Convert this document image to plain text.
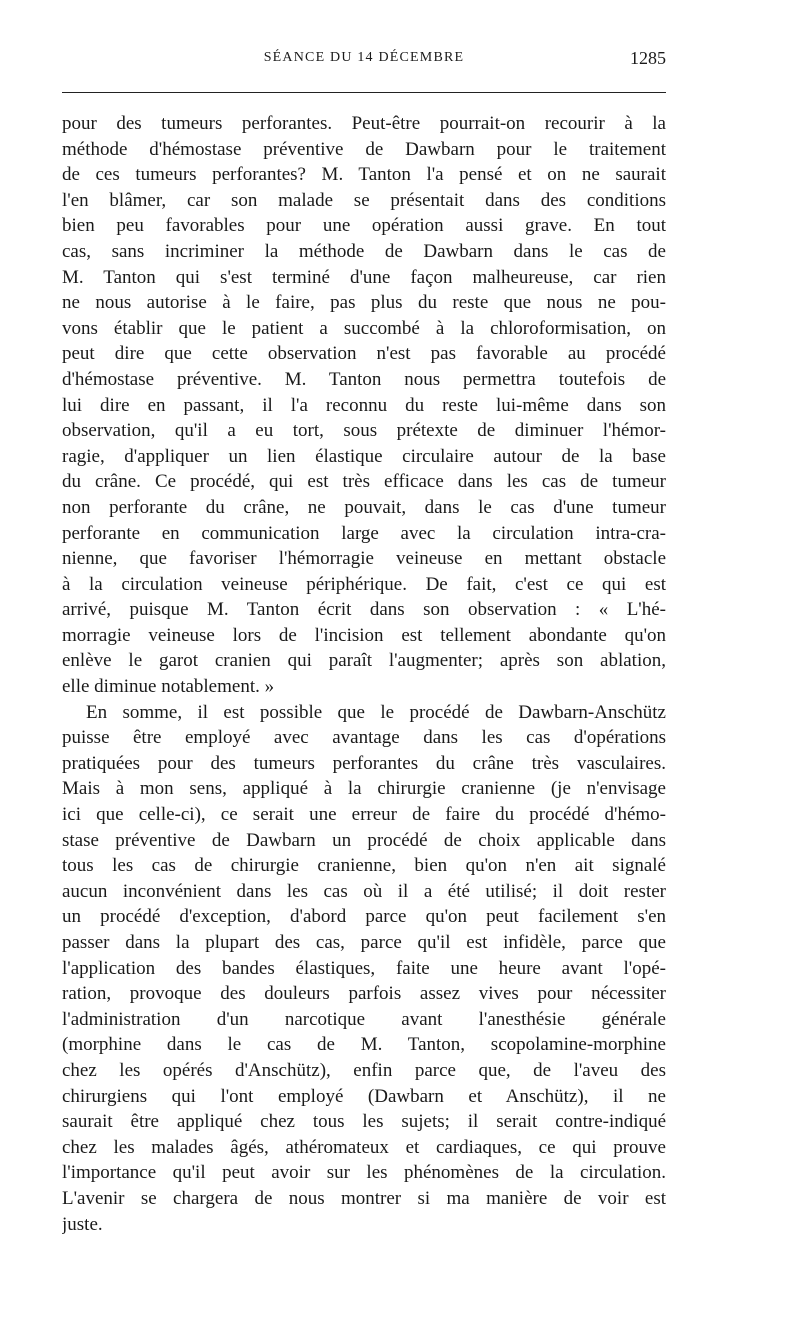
SÉANCE DU 14 DÉCEMBRE	1285
pour des tumeurs perforantes. Peut-être pourrait-on recourir à la
méthode d'hémostase préventive de Dawbarn pour le traitement
de ces tumeurs perforantes? M. Tanton l'a pensé et on ne saurait
l'en blâmer, car son malade se présentait dans des conditions
bien peu favorables pour une opération aussi grave. En tout
cas, sans incriminer la méthode de Dawbarn dans le cas de
M. Tanton qui s'est terminé d'une façon malheureuse, car rien
ne nous autorise à le faire, pas plus du reste que nous ne pou-
vons établir que le patient a succombé à la chloroformisation, on
peut dire que cette observation n'est pas favorable au procédé
d'hémostase préventive. M. Tanton nous permettra toutefois de
lui dire en passant, il l'a reconnu du reste lui-même dans son
observation, qu'il a eu tort, sous prétexte de diminuer l'hémor-
ragie, d'appliquer un lien élastique circulaire autour de la base
du crâne. Ce procédé, qui est très efficace dans les cas de tumeur
non perforante du crâne, ne pouvait, dans le cas d'une tumeur
perforante en communication large avec la circulation intra-cra-
nienne, que favoriser l'hémorragie veineuse en mettant obstacle
à la circulation veineuse périphérique. De fait, c'est ce qui est
arrivé, puisque M. Tanton écrit dans son observation : « L'hé-
morragie veineuse lors de l'incision est tellement abondante qu'on
enlève le garot cranien qui paraît l'augmenter; après son ablation,
elle diminue notablement. »
En somme, il est possible que le procédé de Dawbarn-Anschütz
puisse être employé avec avantage dans les cas d'opérations
pratiquées pour des tumeurs perforantes du crâne très vasculaires.
Mais à mon sens, appliqué à la chirurgie cranienne (je n'envisage
ici que celle-ci), ce serait une erreur de faire du procédé d'hémo-
stase préventive de Dawbarn un procédé de choix applicable dans
tous les cas de chirurgie cranienne, bien qu'on n'en ait signalé
aucun inconvénient dans les cas où il a été utilisé; il doit rester
un procédé d'exception, d'abord parce qu'on peut facilement s'en
passer dans la plupart des cas, parce qu'il est infidèle, parce que
l'application des bandes élastiques, faite une heure avant l'opé-
ration, provoque des douleurs parfois assez vives pour nécessiter
l'administration d'un narcotique avant l'anesthésie générale
(morphine dans le cas de M. Tanton, scopolamine-morphine
chez les opérés d'Anschütz), enfin parce que, de l'aveu des
chirurgiens qui l'ont employé (Dawbarn et Anschütz), il ne
saurait être appliqué chez tous les sujets; il serait contre-indiqué
chez les malades âgés, athéromateux et cardiaques, ce qui prouve
l'importance qu'il peut avoir sur les phénomènes de la circulation.
L'avenir se chargera de nous montrer si ma manière de voir est
juste.
